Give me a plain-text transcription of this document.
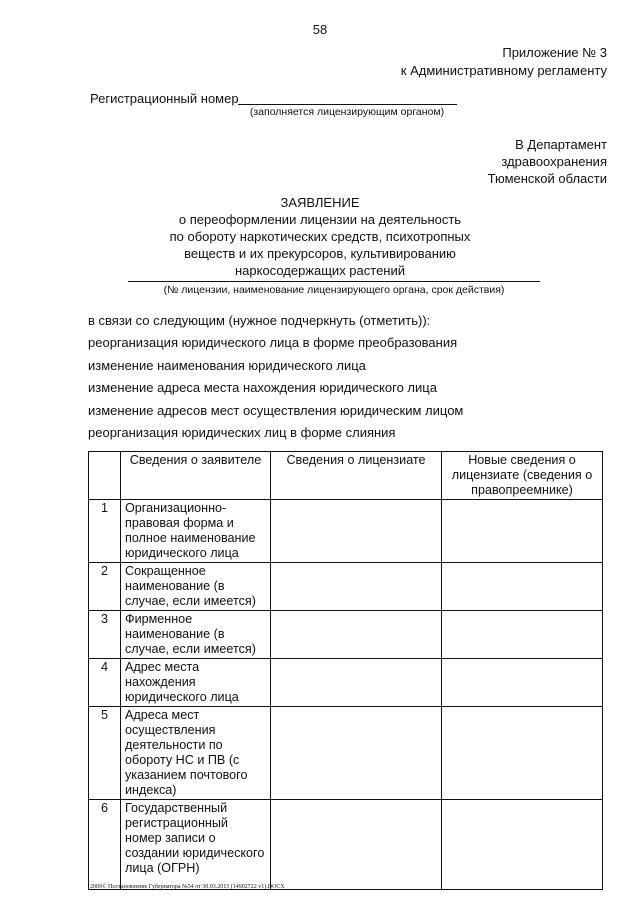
58
Приложение № 3
к Административному регламенту
Регистрационный номер
(заполняется лицензирующим органом)
В Департамент
здравоохранения
Тюменской области
ЗАЯВЛЕНИЕ
о переоформлении лицензии на деятельность
по обороту наркотических средств, психотропных
веществ и их прекурсоров, культивированию
наркосодержащих растений
(№ лицензии, наименование лицензирующего органа, срок действия)
в связи со следующим (нужное подчеркнуть (отметить)):
реорганизация юридического лица в форме преобразования
изменение наименования юридического лица
изменение адреса места нахождения юридического лица
изменение адресов мест осуществления юридическим лицом
реорганизация юридических лиц в форме слияния
	Сведения о заявителе	Сведения о лицензиате	Новые сведения о лицензиате (сведения о правопреемнике)
1	Организационно-правовая форма и полное наименование юридического лица		
2	Сокращенное наименование (в случае, если имеется)		
3	Фирменное наименование (в случае, если имеется)		
4	Адрес места нахождения юридического лица		
5	Адреса мест осуществления деятельности по обороту НС и ПВ (с указанием почтового индекса)		
6	Государственный регистрационный номер записи о создании юридического лица (ОГРН)		
2009© Постановление Губернатора №54 от 30.03.2015 (14902722 v1).DOCX
